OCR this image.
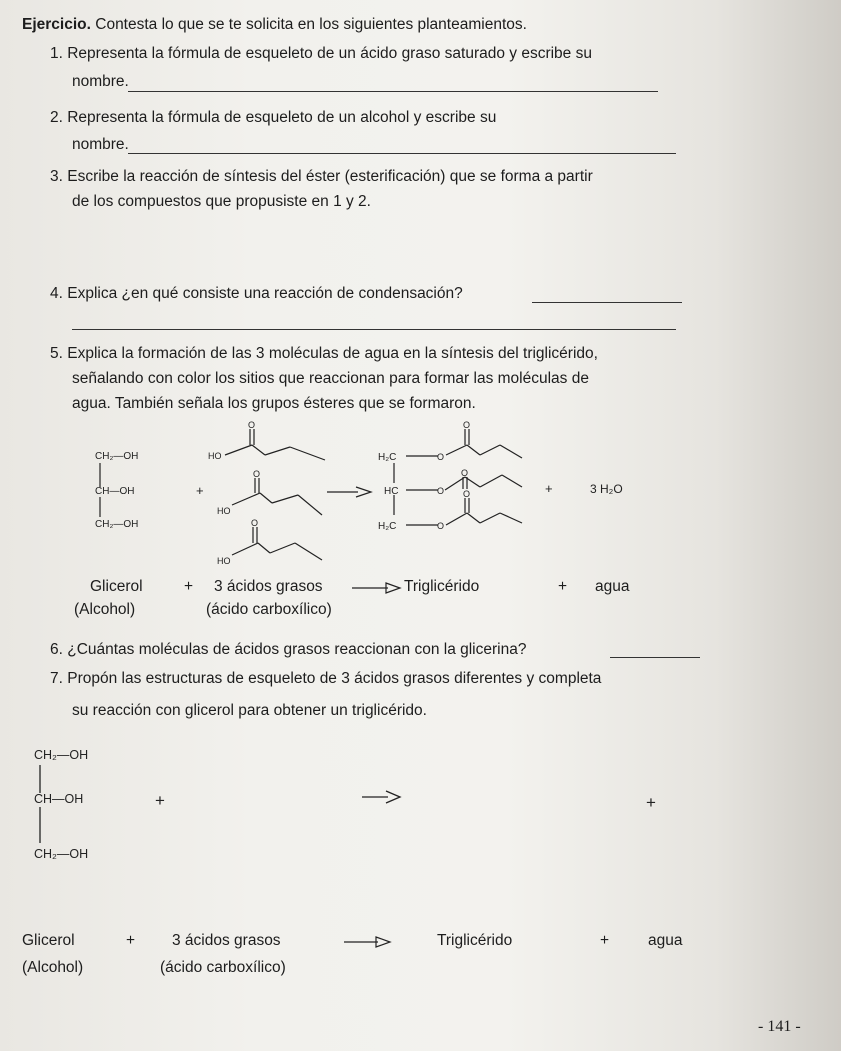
Ejercicio. Contesta lo que se te solicita en los siguientes planteamientos.
1. Representa la fórmula de esqueleto de un ácido graso saturado y escribe su
nombre.
2. Representa la fórmula de esqueleto de un alcohol y escribe su
nombre.
3. Escribe la reacción de síntesis del éster (esterificación) que se forma a partir
de los compuestos que propusiste en 1 y 2.
4. Explica ¿en qué consiste una reacción de condensación?
5. Explica la formación de las 3 moléculas de agua en la síntesis del triglicérido,
señalando con color los sitios que reaccionan para formar las moléculas de
agua. También señala los grupos ésteres que se formaron.
CH₂—OH
CH—OH
CH₂—OH
+
O
HO
O
HO
O
HO
H₂C
HC
H₂C
O
O
O
O
O
O	+	3 H₂O
Glicerol	+ 3 ácidos grasos	Triglicérido	+ agua
(Alcohol)	(ácido carboxílico)
6. ¿Cuántas moléculas de ácidos grasos reaccionan con la glicerina?
7. Propón las estructuras de esqueleto de 3 ácidos grasos diferentes y completa
su reacción con glicerol para obtener un triglicérido.
CH₂—OH
CH—OH
CH₂—OH
+	+
Glicerol	+ 3 ácidos grasos	Triglicérido	+	agua
(Alcohol)	(ácido carboxílico)
- 141 -
